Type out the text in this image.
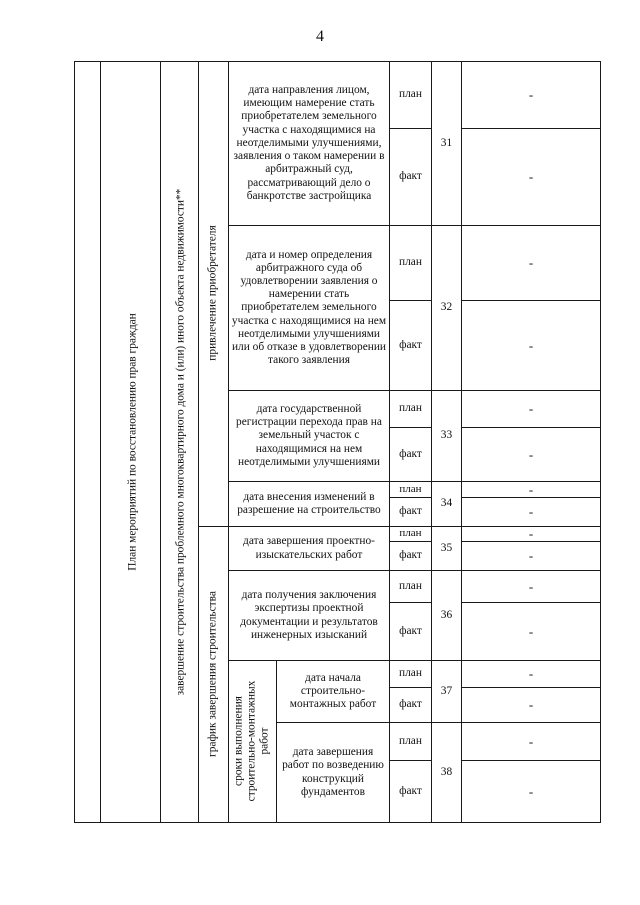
4
План мероприятий по восстановлению прав граждан	завершение строительства проблемного многоквартирного дома и (или) иного объекта недвижимости** привлечение приобретателя
график завершения строительства сроки выполнения строительно-монтажных работ
дата направления лицом, имеющим намерение стать приобретателем земельного участка с находящимися на неотделимыми улучшениями, заявления о таком намерении в арбитражный суд, рассматривающий дело о банкротстве застройщика
план
факт
31
-
-
дата и номер определения арбитражного суда об удовлетворении заявления о намерении стать приобретателем земельного участка с находящимися на нем неотделимыми улучшениями или об отказе в удовлетворении такого заявления
план
факт
32
-
-
дата государственной регистрации перехода прав на земельный участок с находящимися на нем неотделимыми улучшениями
план
факт
33
-
-
дата внесения изменений в разрешение на строительство
план
факт
34
-
-
дата завершения проектно-изыскательских работ
план
факт
35
-
-
дата получения заключения экспертизы проектной документации и результатов инженерных изысканий
план
факт
36
-
-
дата начала строительно-монтажных работ
план
факт
37
-
-
дата завершения работ по возведению конструкций фундаментов
план
факт
38
-
-
